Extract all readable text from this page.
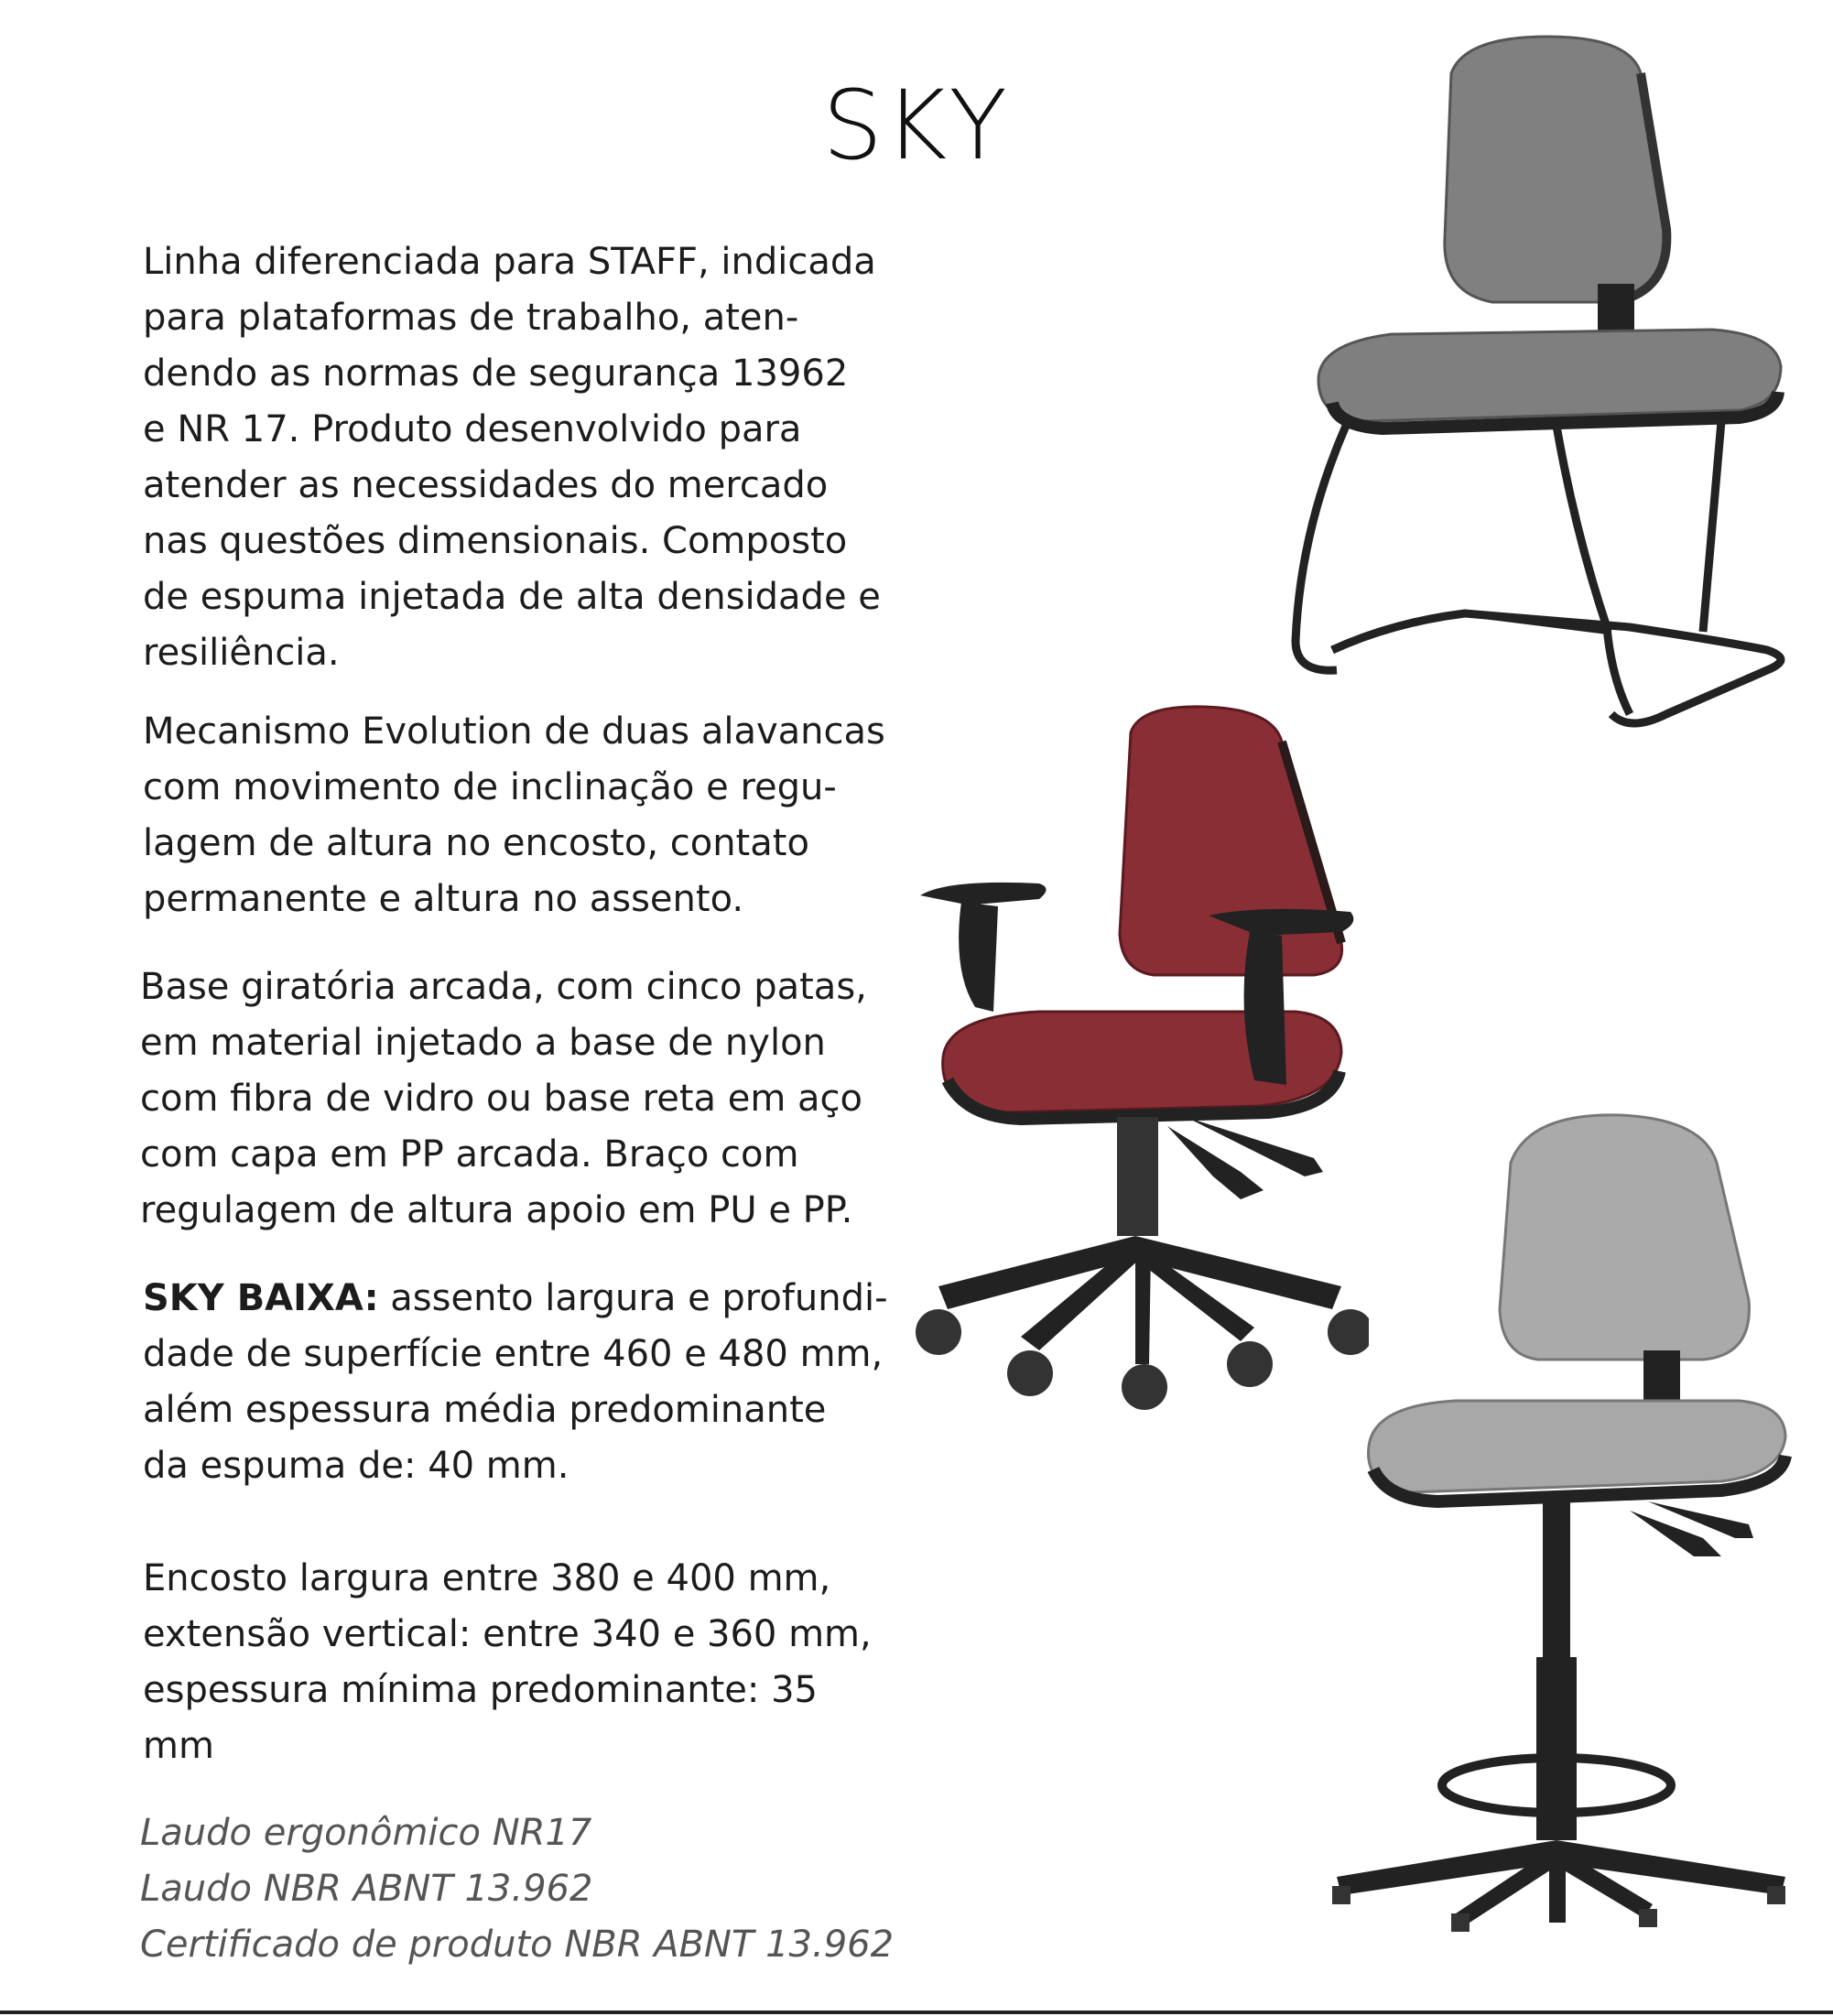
SKY
Linha diferenciada para STAFF, indicada
para plataformas de trabalho, aten-
dendo as normas de segurança 13962
e NR 17. Produto desenvolvido para
atender as necessidades do mercado
nas questões dimensionais. Composto
de espuma injetada de alta densidade e
resiliência.
Mecanismo Evolution de duas alavancas
com movimento de inclinação e regu-
lagem de altura no encosto, contato
permanente e altura no assento.
Base giratória arcada, com cinco patas,
em material injetado a base de nylon
com fibra de vidro ou base reta em aço
com capa em PP arcada. Braço com
regulagem de altura apoio em PU e PP.
SKY BAIXA: assento largura e profundi-
dade de superfície entre 460 e 480 mm,
além espessura média predominante
da espuma de: 40 mm.
Encosto largura entre 380 e 400 mm,
extensão vertical: entre 340 e 360 mm,
espessura mínima predominante: 35
mm
Laudo ergonômico NR17
Laudo NBR ABNT 13.962
Certificado de produto NBR ABNT 13.962
